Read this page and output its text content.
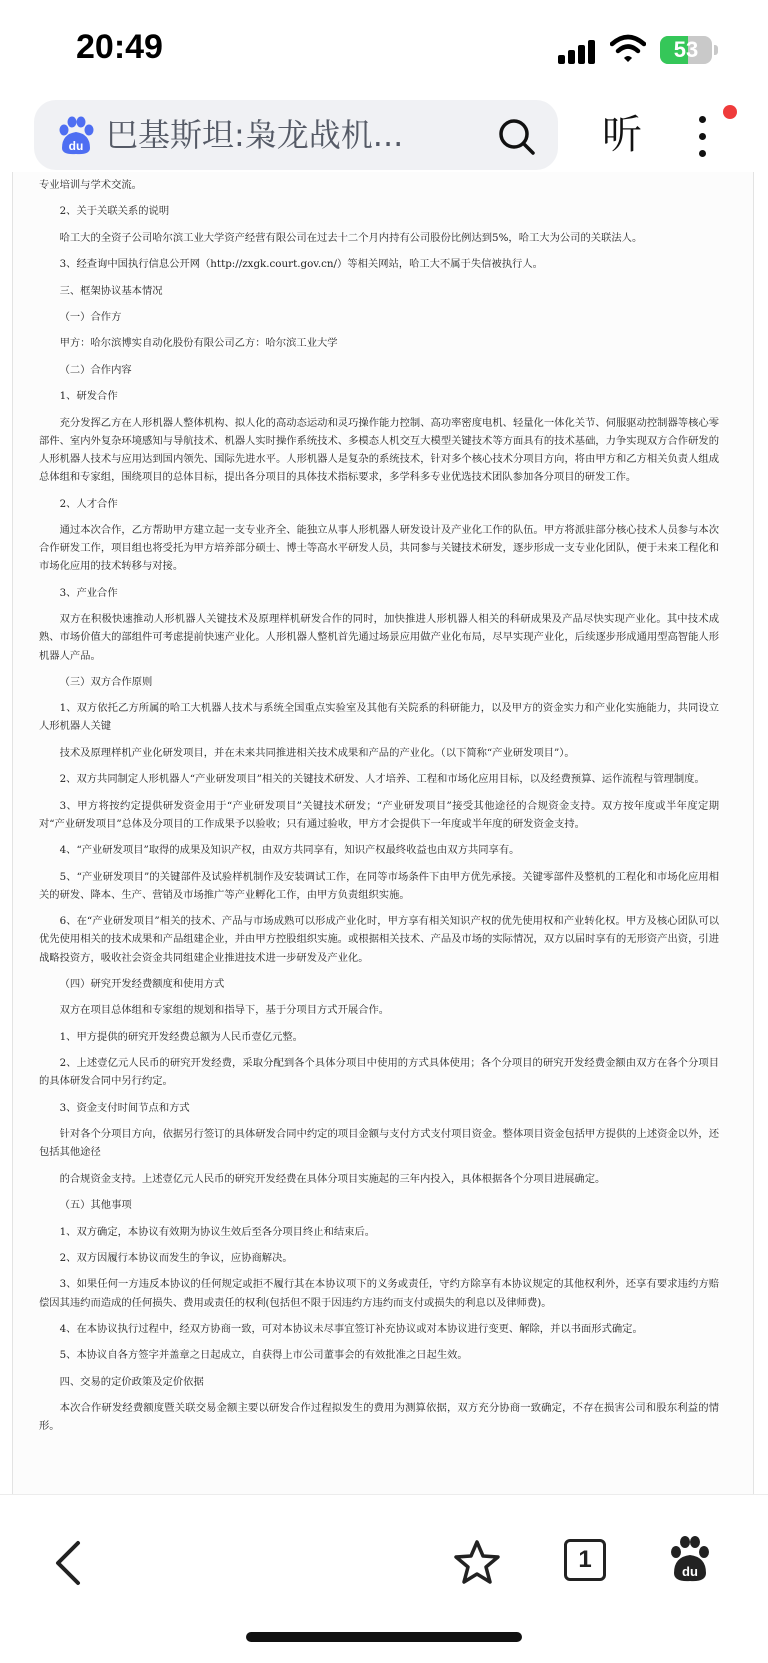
20:49	53
du 巴基斯坦:枭龙战机...	听

专业培训与学术交流。

2、关于关联关系的说明

哈工大的全资子公司哈尔滨工业大学资产经营有限公司在过去十二个月内持有公司股份比例达到5%，哈工大为公司的关联法人。

3、经查询中国执行信息公开网（http://zxgk.court.gov.cn/）等相关网站，哈工大不属于失信被执行人。

三、框架协议基本情况

（一）合作方

甲方：哈尔滨博实自动化股份有限公司乙方：哈尔滨工业大学

（二）合作内容

1、研发合作

充分发挥乙方在人形机器人整体机构、拟人化的高动态运动和灵巧操作能力控制、高功率密度电机、轻量化一体化关节、伺服驱动控制器等核心零部件、室内外复杂环境感知与导航技术、机器人实时操作系统技术、多模态人机交互大模型关键技术等方面具有的技术基础，力争实现双方合作研发的人形机器人技术与应用达到国内领先、国际先进水平。人形机器人是复杂的系统技术，针对多个核心技术分项目方向，将由甲方和乙方相关负责人组成总体组和专家组，围绕项目的总体目标，提出各分项目的具体技术指标要求，多学科多专业优选技术团队参加各分项目的研发工作。

2、人才合作

通过本次合作，乙方帮助甲方建立起一支专业齐全、能独立从事人形机器人研发设计及产业化工作的队伍。甲方将派驻部分核心技术人员参与本次合作研发工作，项目组也将受托为甲方培养部分硕士、博士等高水平研发人员，共同参与关键技术研发，逐步形成一支专业化团队，便于未来工程化和市场化应用的技术转移与对接。

3、产业合作

双方在积极快速推动人形机器人关键技术及原理样机研发合作的同时，加快推进人形机器人相关的科研成果及产品尽快实现产业化。其中技术成熟、市场价值大的部组件可考虑提前快速产业化。人形机器人整机首先通过场景应用做产业化布局，尽早实现产业化，后续逐步形成通用型高智能人形机器人产品。

（三）双方合作原则

1、双方依托乙方所属的哈工大机器人技术与系统全国重点实验室及其他有关院系的科研能力，以及甲方的资金实力和产业化实施能力，共同设立人形机器人关键

技术及原理样机产业化研发项目，并在未来共同推进相关技术成果和产品的产业化。（以下简称“产业研发项目”）。

2、双方共同制定人形机器人“产业研发项目”相关的关键技术研发、人才培养、工程和市场化应用目标，以及经费预算、运作流程与管理制度。

3、甲方将按约定提供研发资金用于“产业研发项目”关键技术研发；“产业研发项目”接受其他途径的合规资金支持。双方按年度或半年度定期对“产业研发项目”总体及分项目的工作成果予以验收；只有通过验收，甲方才会提供下一年度或半年度的研发资金支持。

4、“产业研发项目”取得的成果及知识产权，由双方共同享有，知识产权最终收益也由双方共同享有。

5、“产业研发项目”的关键部件及试验样机制作及安装调试工作，在同等市场条件下由甲方优先承接。关键零部件及整机的工程化和市场化应用相关的研发、降本、生产、营销及市场推广等产业孵化工作，由甲方负责组织实施。

6、在“产业研发项目”相关的技术、产品与市场成熟可以形成产业化时，甲方享有相关知识产权的优先使用权和产业转化权。甲方及核心团队可以优先使用相关的技术成果和产品组建企业，并由甲方控股组织实施。或根据相关技术、产品及市场的实际情况，双方以届时享有的无形资产出资，引进战略投资方，吸收社会资金共同组建企业推进技术进一步研发及产业化。

（四）研究开发经费额度和使用方式

双方在项目总体组和专家组的规划和指导下，基于分项目方式开展合作。

1、甲方提供的研究开发经费总额为人民币壹亿元整。

2、上述壹亿元人民币的研究开发经费，采取分配到各个具体分项目中使用的方式具体使用；各个分项目的研究开发经费金额由双方在各个分项目的具体研发合同中另行约定。

3、资金支付时间节点和方式

针对各个分项目方向，依据另行签订的具体研发合同中约定的项目金额与支付方式支付项目资金。整体项目资金包括甲方提供的上述资金以外，还包括其他途径

的合规资金支持。上述壹亿元人民币的研究开发经费在具体分项目实施起的三年内投入，具体根据各个分项目进展确定。

（五）其他事项

1、双方确定，本协议有效期为协议生效后至各分项目终止和结束后。

2、双方因履行本协议而发生的争议，应协商解决。

3、如果任何一方违反本协议的任何规定或拒不履行其在本协议项下的义务或责任，守约方除享有本协议规定的其他权利外，还享有要求违约方赔偿因其违约而造成的任何损失、费用或责任的权利(包括但不限于因违约方违约而支付或损失的利息以及律师费)。

4、在本协议执行过程中，经双方协商一致，可对本协议未尽事宜签订补充协议或对本协议进行变更、解除，并以书面形式确定。

5、本协议自各方签字并盖章之日起成立，自获得上市公司董事会的有效批准之日起生效。

四、交易的定价政策及定价依据

本次合作研发经费额度暨关联交易金额主要以研发合作过程拟发生的费用为测算依据，双方充分协商一致确定，不存在损害公司和股东利益的情形。

1	du
